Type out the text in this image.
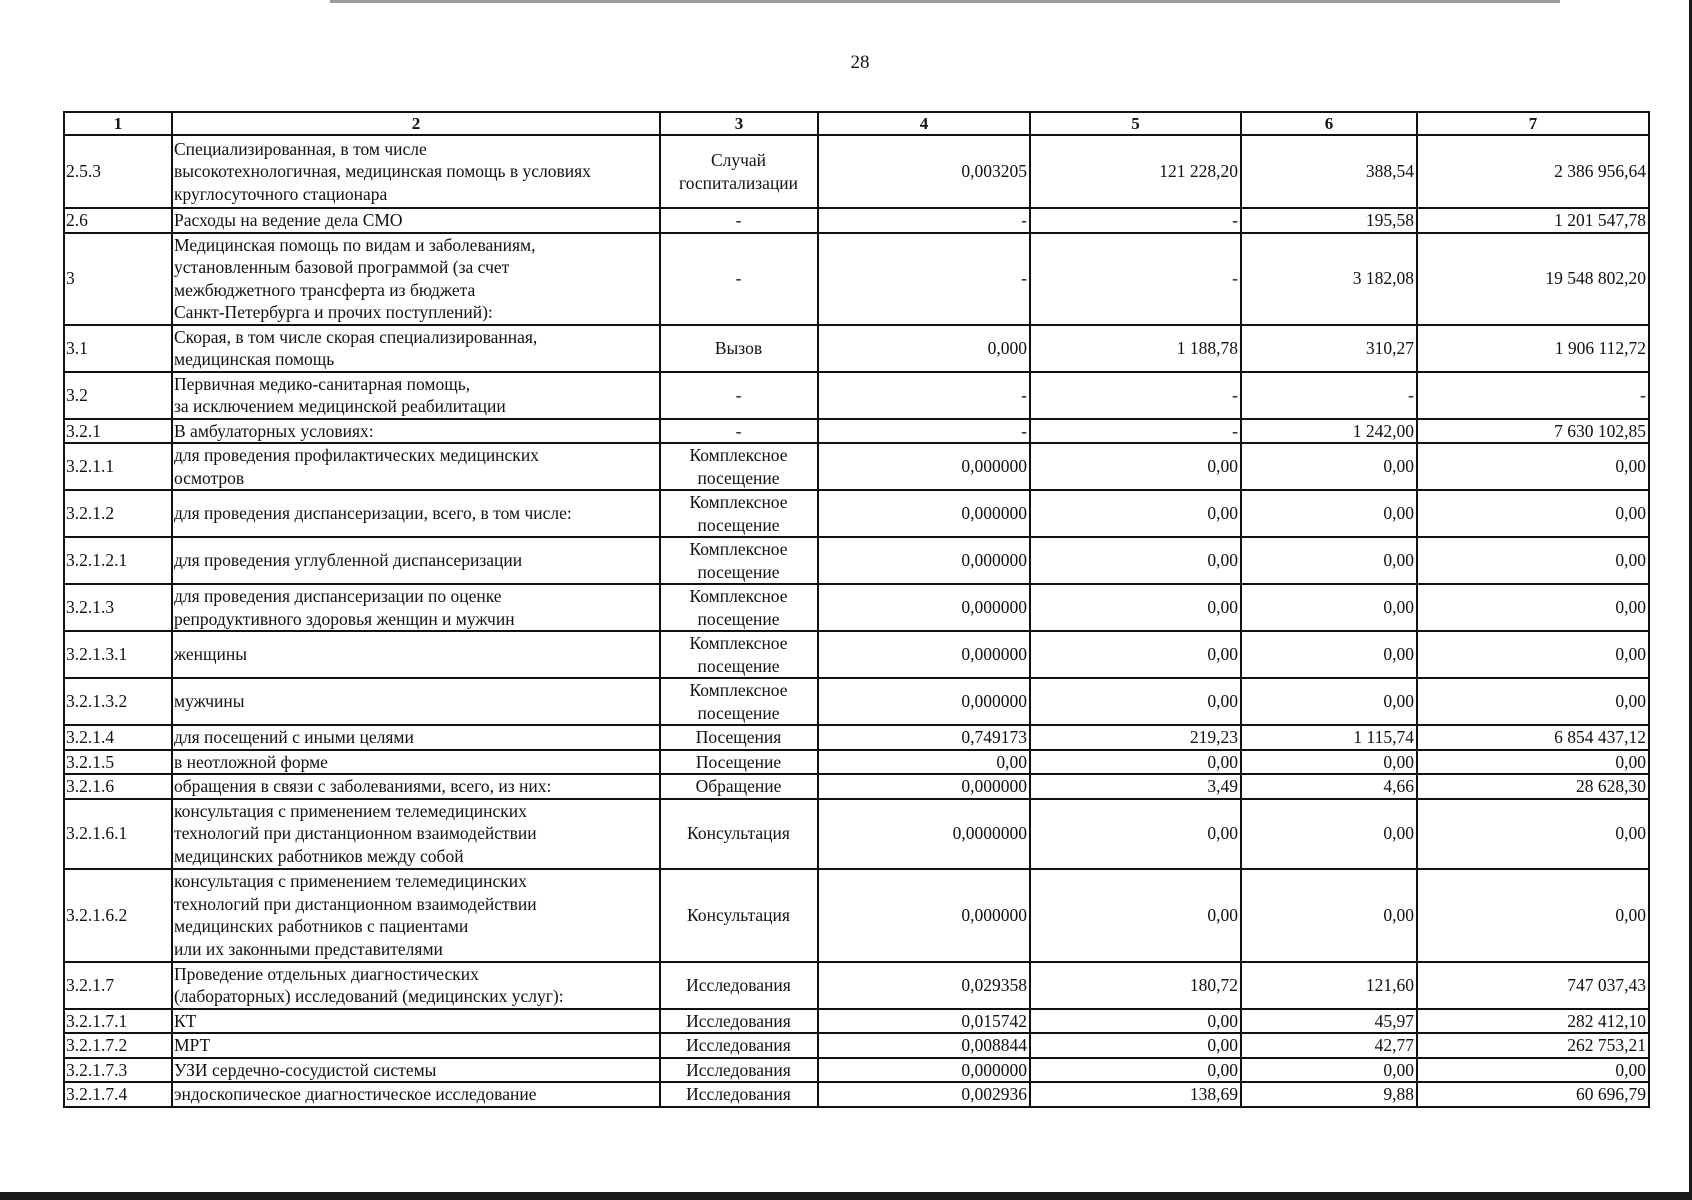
28
1	2	3	4	5	6	7

2.5.3	Специализированная, в том числе
высокотехнологичная, медицинская помощь в условиях
круглосуточного стационара	Случай
госпитализации	0,003205	121 228,20	388,54	2 386 956,64

2.6	Расходы на ведение дела СМО	-	-	-	195,58	1 201 547,78

3	Медицинская помощь по видам и заболеваниям,
установленным базовой программой (за счет
межбюджетного трансферта из бюджета
Санкт-Петербурга и прочих поступлений):	-	-	-	3 182,08	19 548 802,20

3.1	Скорая, в том числе скорая специализированная,
медицинская помощь	Вызов	0,000	1 188,78	310,27	1 906 112,72

3.2	Первичная медико-санитарная помощь,
за исключением медицинской реабилитации	-	-	-	-	-

3.2.1	В амбулаторных условиях:	-	-	-	1 242,00	7 630 102,85

3.2.1.1	для проведения профилактических медицинских
осмотров	Комплексное
посещение	0,000000	0,00	0,00	0,00

3.2.1.2	для проведения диспансеризации, всего, в том числе:	Комплексное
посещение	0,000000	0,00	0,00	0,00

3.2.1.2.1	для проведения углубленной диспансеризации	Комплексное
посещение	0,000000	0,00	0,00	0,00

3.2.1.3	для проведения диспансеризации по оценке
репродуктивного здоровья женщин и мужчин	Комплексное
посещение	0,000000	0,00	0,00	0,00

3.2.1.3.1	женщины	Комплексное
посещение	0,000000	0,00	0,00	0,00

3.2.1.3.2	мужчины	Комплексное
посещение	0,000000	0,00	0,00	0,00

3.2.1.4	для посещений с иными целями	Посещения	0,749173	219,23	1 115,74	6 854 437,12

3.2.1.5	в неотложной форме	Посещение	0,00	0,00	0,00	0,00

3.2.1.6	обращения в связи с заболеваниями, всего, из них:	Обращение	0,000000	3,49	4,66	28 628,30

3.2.1.6.1	консультация с применением телемедицинских
технологий при дистанционном взаимодействии
медицинских работников между собой	Консультация	0,0000000	0,00	0,00	0,00

3.2.1.6.2	консультация с применением телемедицинских
технологий при дистанционном взаимодействии
медицинских работников с пациентами
или их законными представителями	Консультация	0,000000	0,00	0,00	0,00

3.2.1.7	Проведение отдельных диагностических
(лабораторных) исследований (медицинских услуг):	Исследования	0,029358	180,72	121,60	747 037,43

3.2.1.7.1	КТ	Исследования	0,015742	0,00	45,97	282 412,10

3.2.1.7.2	МРТ	Исследования	0,008844	0,00	42,77	262 753,21

3.2.1.7.3	УЗИ сердечно-сосудистой системы	Исследования	0,000000	0,00	0,00	0,00

3.2.1.7.4	эндоскопическое диагностическое исследование	Исследования	0,002936	138,69	9,88	60 696,79
